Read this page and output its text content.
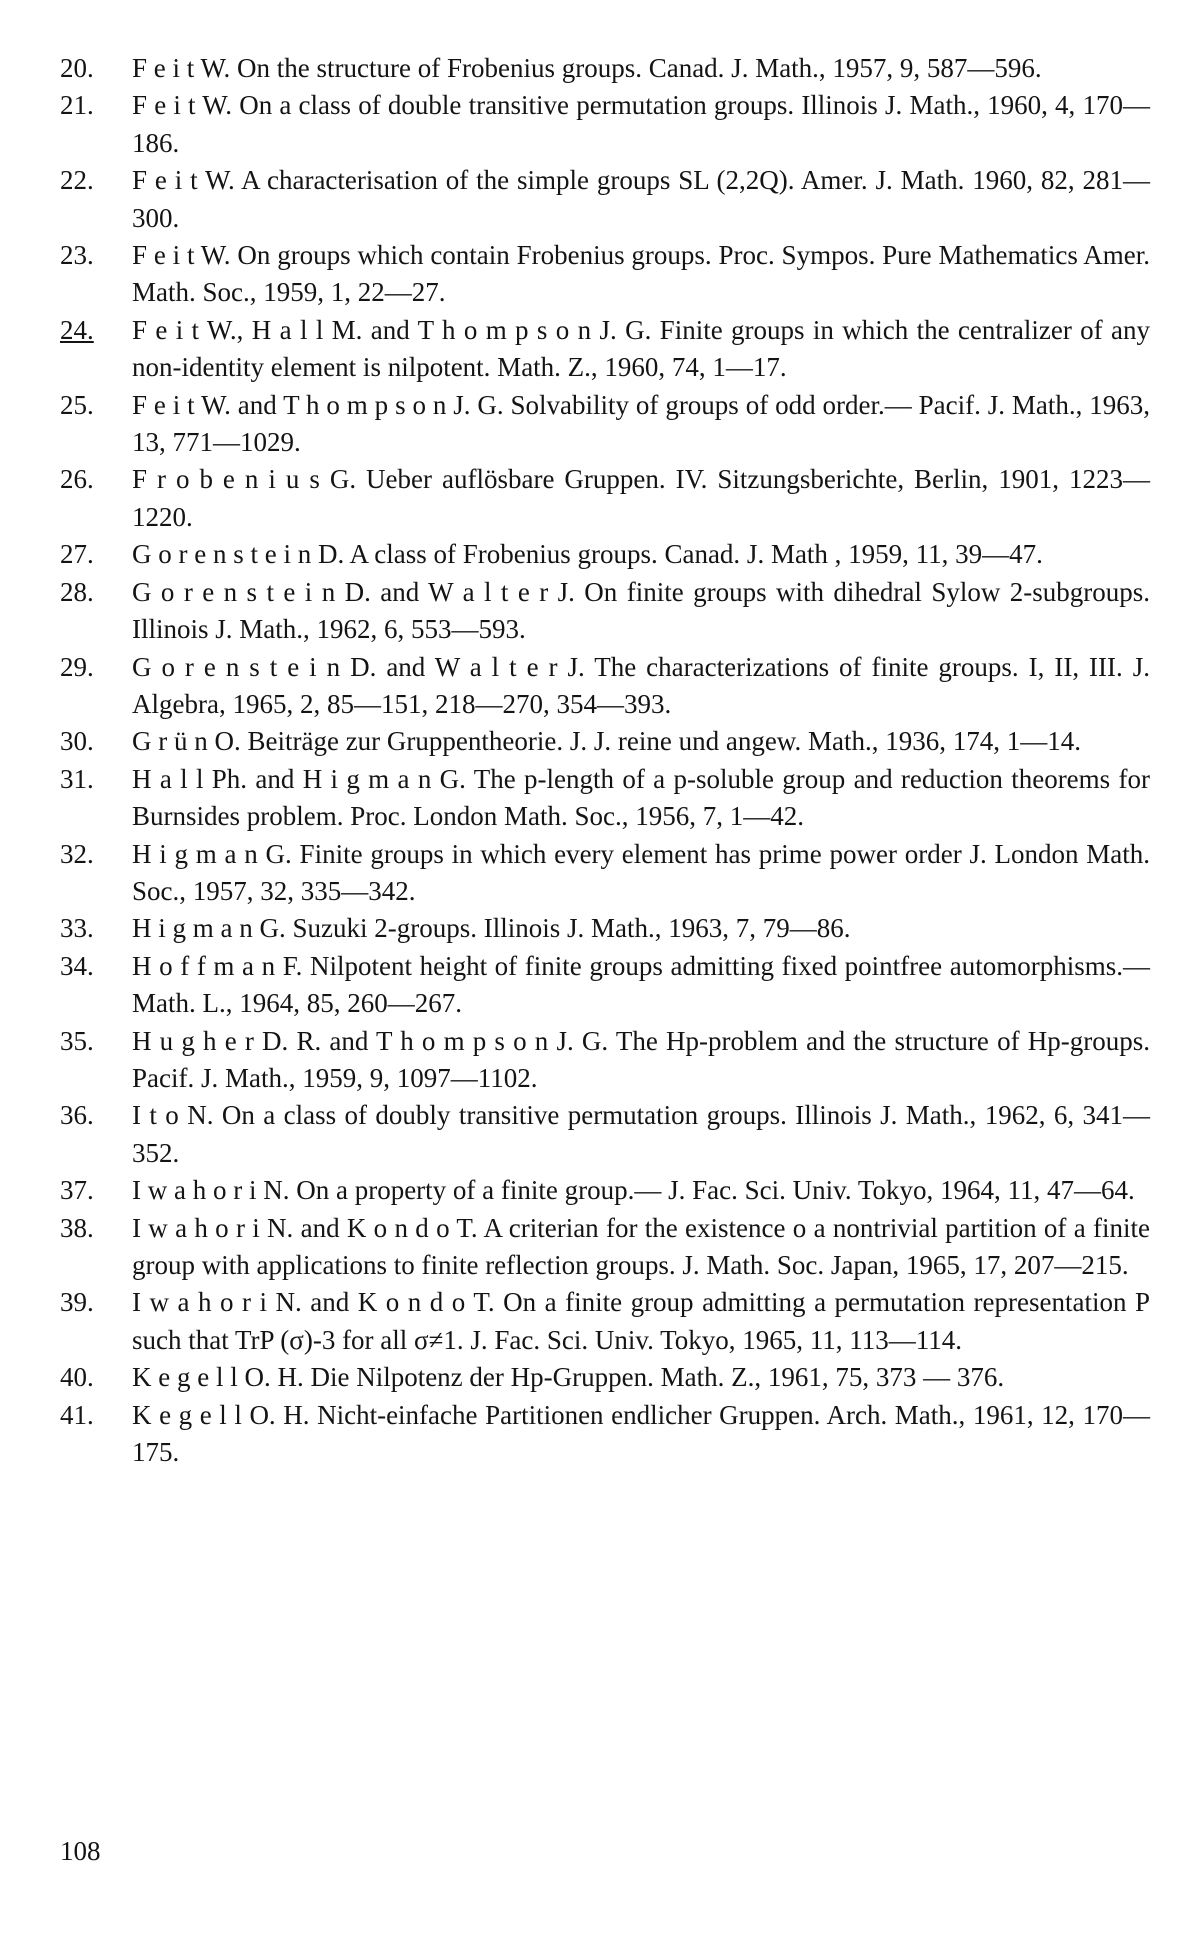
20.	F e i t W. On the structure of Frobenius groups. Canad. J. Math., 1957, 9, 587—596.
21.	F e i t W. On a class of double transitive permutation groups. Illinois J. Math., 1960, 4, 170—186.
22.	F e i t W. A characterisation of the simple groups SL (2,2Q). Amer. J. Math. 1960, 82, 281—300.
23.	F e i t W. On groups which contain Frobenius groups. Proc. Sympos. Pure Mathematics Amer. Math. Soc., 1959, 1, 22—27.
24.	F e i t W., H a l l M. and T h o m p s o n J. G. Finite groups in which the centralizer of any non-identity element is nilpotent. Math. Z., 1960, 74, 1—17.
25.	F e i t W. and T h o m p s o n J. G. Solvability of groups of odd order.— Pacif. J. Math., 1963, 13, 771—1029.
26.	F r o b e n i u s G. Ueber auflösbare Gruppen. IV. Sitzungsberichte, Berlin, 1901, 1223—1220.
27.	G o r e n s t e i n D. A class of Frobenius groups. Canad. J. Math , 1959, 11, 39—47.
28.	G o r e n s t e i n D. and W a l t e r J. On finite groups with dihedral Sylow 2-subgroups. Illinois J. Math., 1962, 6, 553—593.
29.	G o r e n s t e i n D. and W a l t e r J. The characterizations of finite groups. I, II, III. J. Algebra, 1965, 2, 85—151, 218—270, 354—393.
30.	G r ü n O. Beiträge zur Gruppentheorie. J. J. reine und angew. Math., 1936, 174, 1—14.
31.	H a l l Ph. and H i g m a n G. The p-length of a p-soluble group and reduction theorems for Burnsides problem. Proc. London Math. Soc., 1956, 7, 1—42.
32.	H i g m a n G. Finite groups in which every element has prime power order J. London Math. Soc., 1957, 32, 335—342.
33.	H i g m a n G. Suzuki 2-groups. Illinois J. Math., 1963, 7, 79—86.
34.	H o f f m a n F. Nilpotent height of finite groups admitting fixed pointfree automorphisms.— Math. L., 1964, 85, 260—267.
35.	H u g h e r D. R. and T h o m p s o n J. G. The Hp-problem and the structure of Hp-groups. Pacif. J. Math., 1959, 9, 1097—1102.
36.	I t o N. On a class of doubly transitive permutation groups. Illinois J. Math., 1962, 6, 341—352.
37.	I w a h o r i N. On a property of a finite group.— J. Fac. Sci. Univ. Tokyo, 1964, 11, 47—64.
38.	I w a h o r i N. and K o n d o T. A criterian for the existence o a nontrivial partition of a finite group with applications to finite reflection groups. J. Math. Soc. Japan, 1965, 17, 207—215.
39.	I w a h o r i N. and K o n d o T. On a finite group admitting a permutation representation P such that TrP (σ)-3 for all σ≠1. J. Fac. Sci. Univ. Tokyo, 1965, 11, 113—114.
40.	K e g e l l O. H. Die Nilpotenz der Hp-Gruppen. Math. Z., 1961, 75, 373 — 376.
41.	K e g e l l O. H. Nicht-einfache Partitionen endlicher Gruppen. Arch. Math., 1961, 12, 170—175.
108
